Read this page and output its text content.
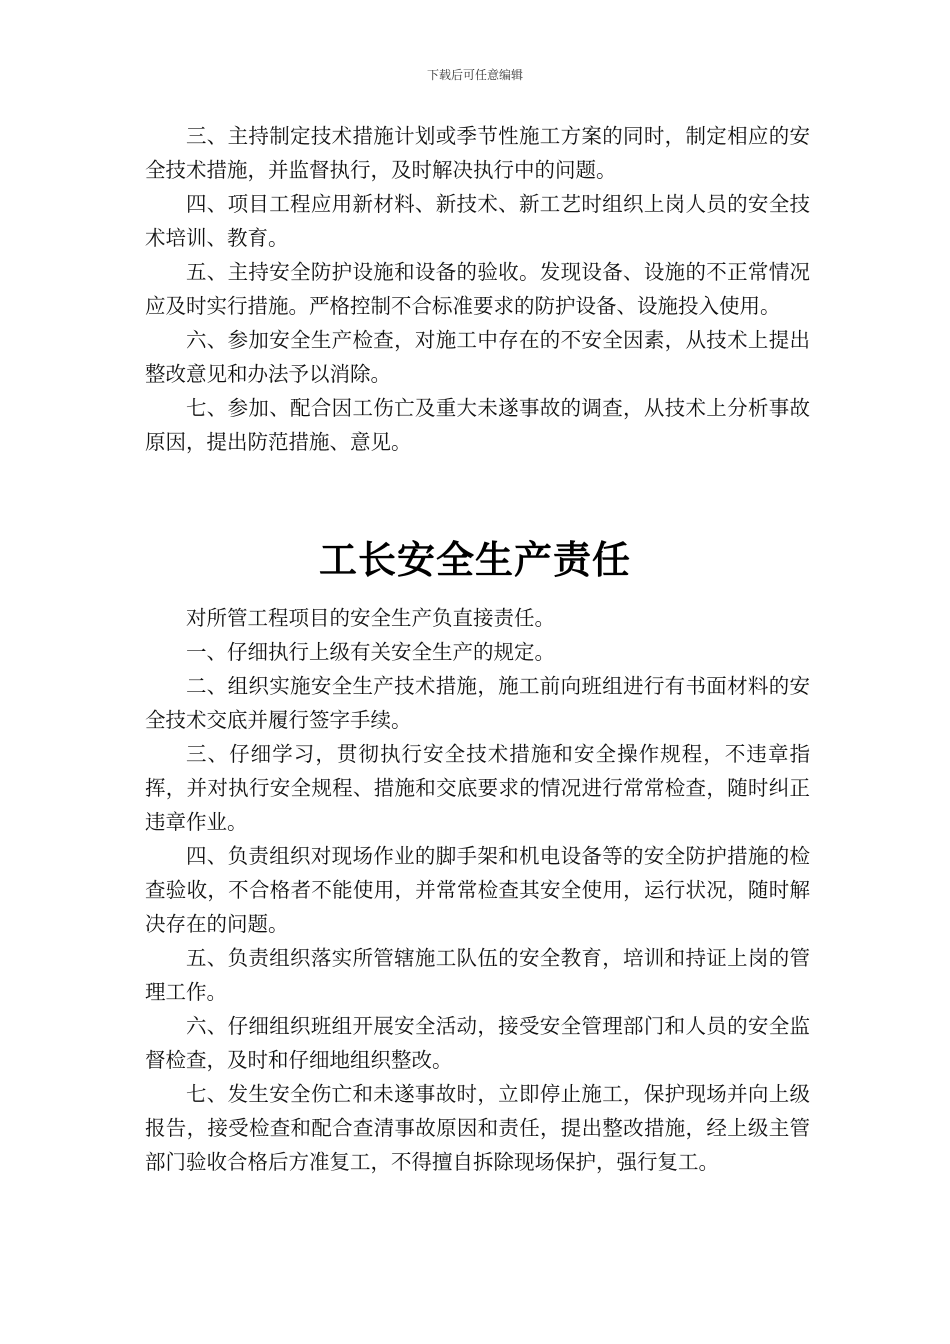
下载后可任意编辑

三、主持制定技术措施计划或季节性施工方案的同时，制定相应的安全技术措施，并监督执行，及时解决执行中的问题。

四、项目工程应用新材料、新技术、新工艺时组织上岗人员的安全技术培训、教育。

五、主持安全防护设施和设备的验收。发现设备、设施的不正常情况应及时实行措施。严格控制不合标准要求的防护设备、设施投入使用。

六、参加安全生产检查，对施工中存在的不安全因素，从技术上提出整改意见和办法予以消除。

七、参加、配合因工伤亡及重大未遂事故的调查，从技术上分析事故原因，提出防范措施、意见。

工长安全生产责任

对所管工程项目的安全生产负直接责任。

一、仔细执行上级有关安全生产的规定。

二、组织实施安全生产技术措施，施工前向班组进行有书面材料的安全技术交底并履行签字手续。

三、仔细学习，贯彻执行安全技术措施和安全操作规程，不违章指挥，并对执行安全规程、措施和交底要求的情况进行常常检查，随时纠正违章作业。

四、负责组织对现场作业的脚手架和机电设备等的安全防护措施的检查验收，不合格者不能使用，并常常检查其安全使用，运行状况，随时解决存在的问题。

五、负责组织落实所管辖施工队伍的安全教育，培训和持证上岗的管理工作。

六、仔细组织班组开展安全活动，接受安全管理部门和人员的安全监督检查，及时和仔细地组织整改。

七、发生安全伤亡和未遂事故时，立即停止施工，保护现场并向上级报告，接受检查和配合查清事故原因和责任，提出整改措施，经上级主管部门验收合格后方准复工，不得擅自拆除现场保护，强行复工。
